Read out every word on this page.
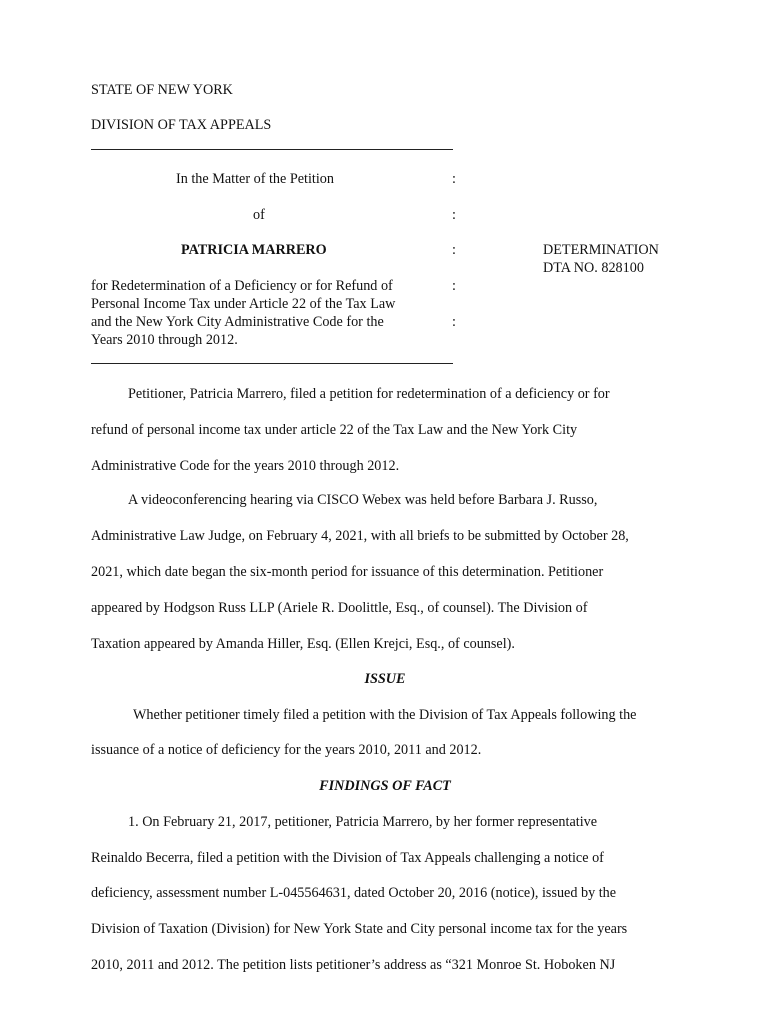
STATE OF NEW YORK
DIVISION OF TAX APPEALS
In the Matter of the Petition	:
of	:
PATRICIA MARRERO	:	DETERMINATION
DTA NO. 828100
for Redetermination of a Deficiency or for Refund of	:
Personal Income Tax under Article 22 of the Tax Law
and the New York City Administrative Code for the	:
Years 2010 through 2012.
Petitioner, Patricia Marrero, filed a petition for redetermination of a deficiency or for
refund of personal income tax under article 22 of the Tax Law and the New York City
Administrative Code for the years 2010 through 2012.
A videoconferencing hearing via CISCO Webex was held before Barbara J. Russo,
Administrative Law Judge, on February 4, 2021, with all briefs to be submitted by October 28,
2021, which date began the six-month period for issuance of this determination. Petitioner
appeared by Hodgson Russ LLP (Ariele R. Doolittle, Esq., of counsel). The Division of
Taxation appeared by Amanda Hiller, Esq. (Ellen Krejci, Esq., of counsel).
ISSUE
Whether petitioner timely filed a petition with the Division of Tax Appeals following the
issuance of a notice of deficiency for the years 2010, 2011 and 2012.
FINDINGS OF FACT
1. On February 21, 2017, petitioner, Patricia Marrero, by her former representative
Reinaldo Becerra, filed a petition with the Division of Tax Appeals challenging a notice of
deficiency, assessment number L-045564631, dated October 20, 2016 (notice), issued by the
Division of Taxation (Division) for New York State and City personal income tax for the years
2010, 2011 and 2012. The petition lists petitioner’s address as “321 Monroe St. Hoboken NJ
